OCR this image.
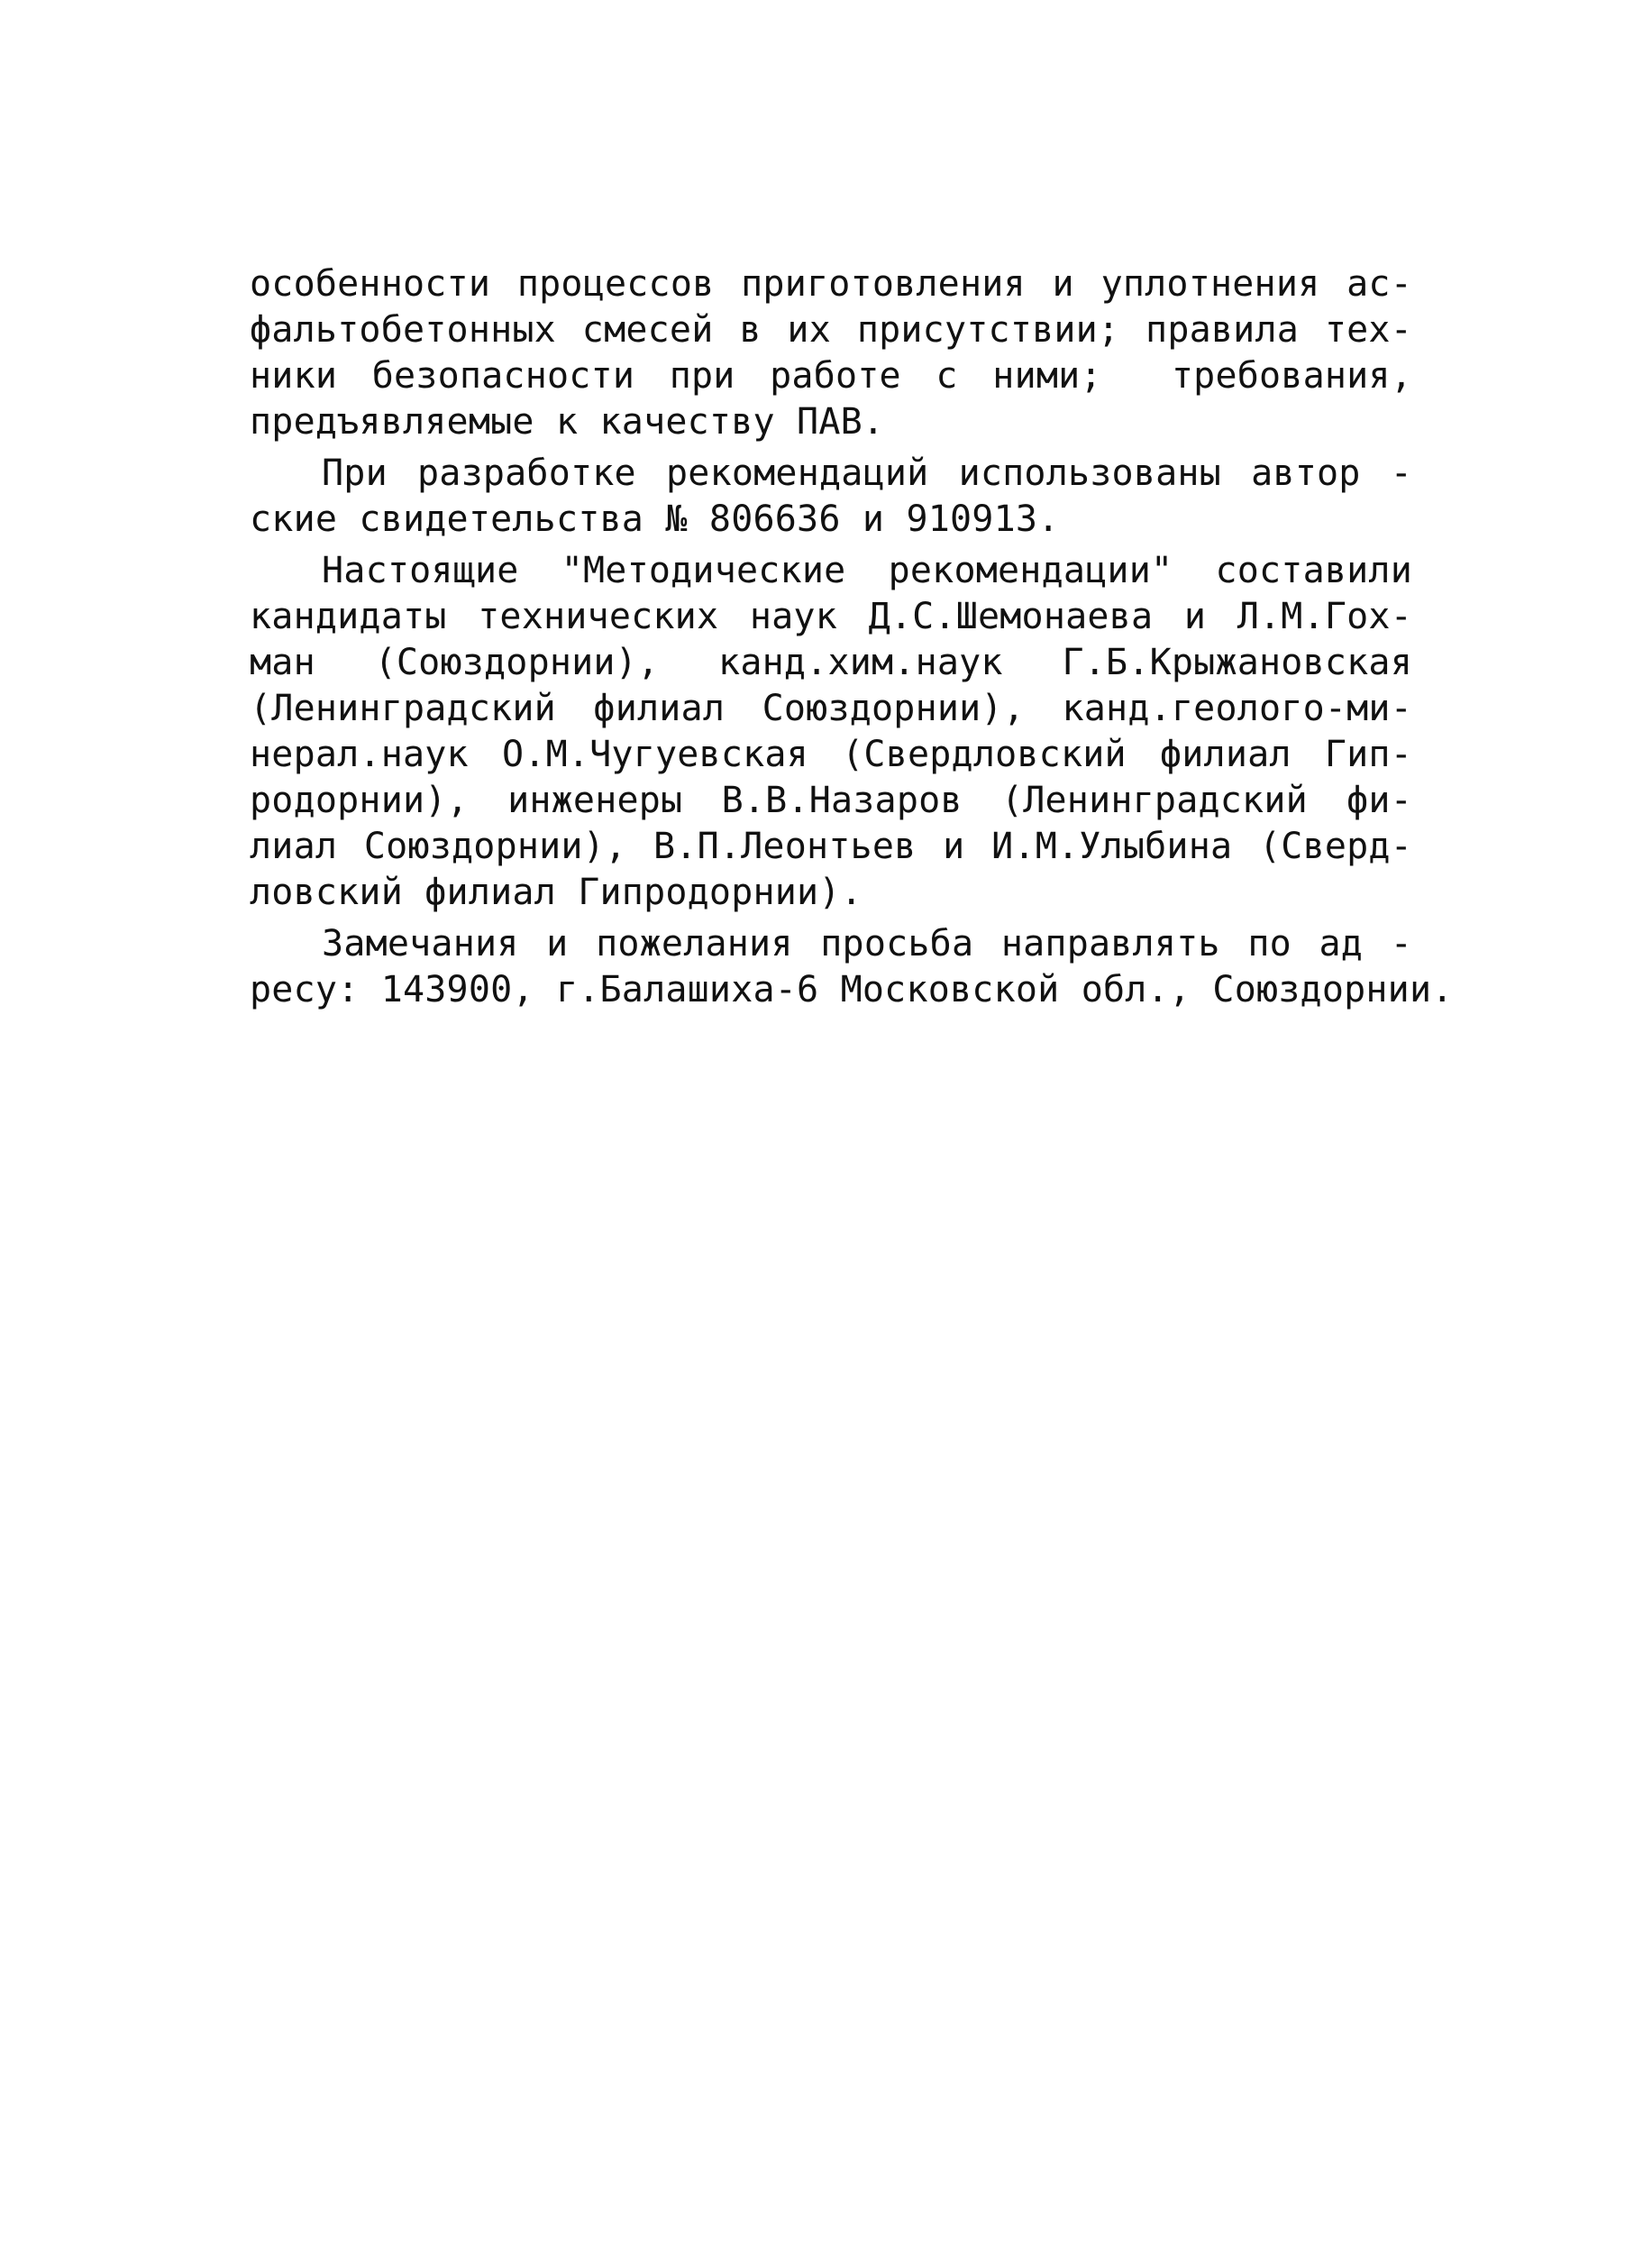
особенности процессов приготовления и уплотнения ас-
фальтобетонных смесей в их присутствии; правила тех-
ники безопасности при работе с ними;  требования,
предъявляемые к качеству ПАВ.

При разработке рекомендаций использованы автор -
ские свидетельства № 806636 и 910913.

Настоящие "Методические рекомендации" составили
кандидаты технических наук Д.С.Шемонаева и Л.М.Гох-
ман (Союздорнии), канд.хим.наук Г.Б.Крыжановская
(Ленинградский филиал Союздорнии), канд.геолого-ми-
нерал.наук О.М.Чугуевская (Свердловский филиал Гип-
родорнии), инженеры В.В.Назаров (Ленинградский фи-
лиал Союздорнии), В.П.Леонтьев и И.М.Улыбина (Сверд-
ловский филиал Гипродорнии).

Замечания и пожелания просьба направлять по ад -
ресу: 143900, г.Балашиха-6 Московской обл., Союздорнии.
